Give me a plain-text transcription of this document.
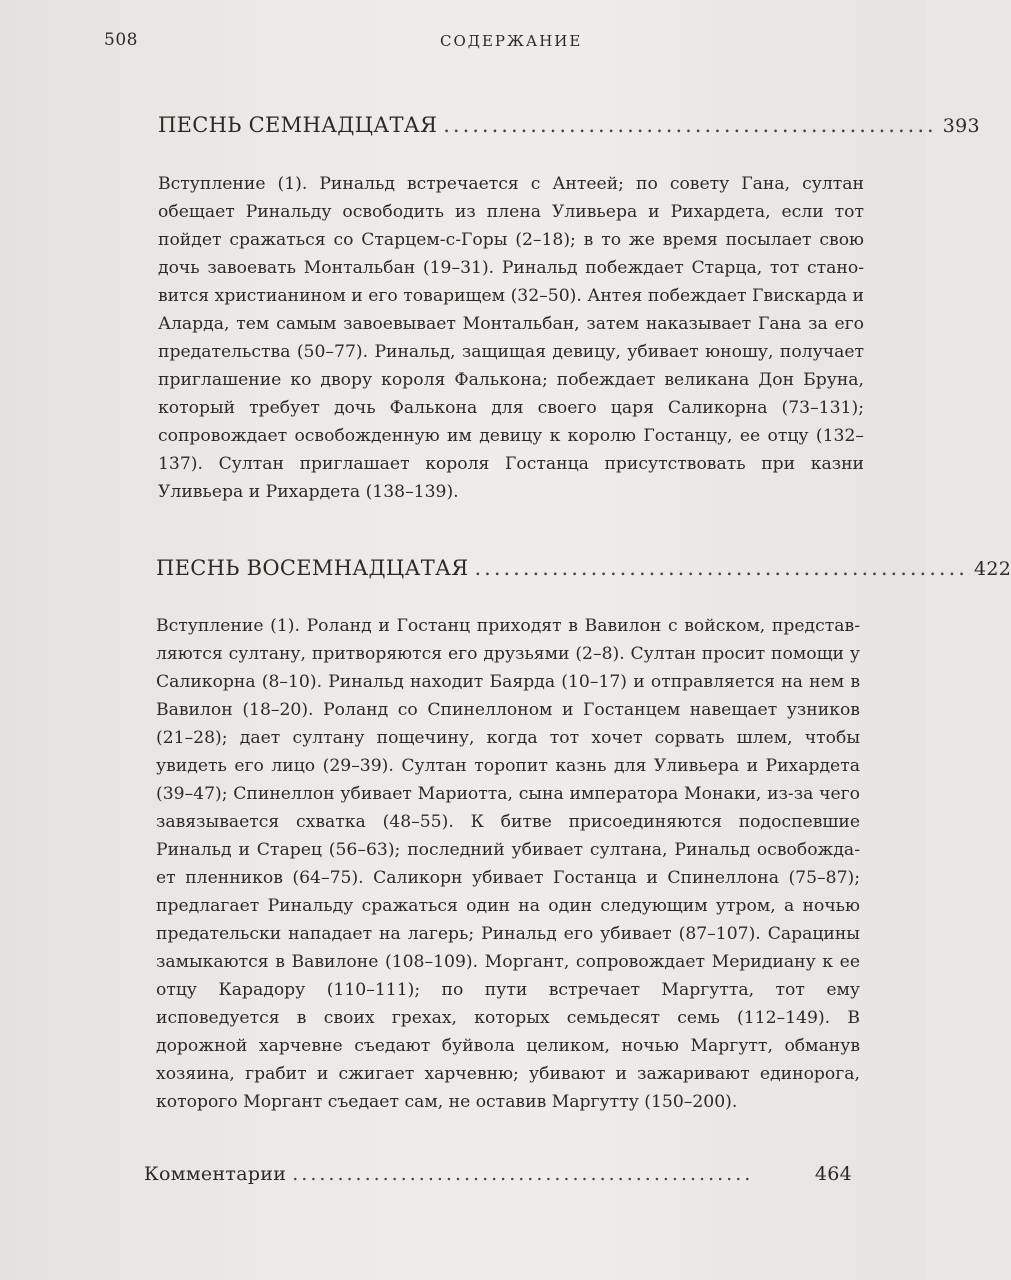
508	СОДЕРЖАНИЕ
ПЕСНЬ СЕМНАДЦАТАЯ ................................................... 393

Вступление (1). Ринальд встречается с Антеей; по совету Гана, султан обещает Ринальду освободить из плена Уливьера и Рихардета, если тот пойдет сражаться со Старцем-с-Горы (2–18); в то же время посылает свою дочь завоевать Монтальбан (19–31). Ринальд побеждает Старца, тот становится христианином и его товарищем (32–50). Антея побеждает Гвискарда и Аларда, тем самым завоевывает Монтальбан, затем наказывает Гана за его предательства (50–77). Ринальд, защищая девицу, убивает юношу, получает приглашение ко двору короля Фалькона; побеждает великана Дон Бруна, который требует дочь Фалькона для своего царя Саликорна (73–131); сопровождает освобожденную им девицу к королю Гостанцу, ее отцу (132–137). Султан приглашает короля Гостанца присутствовать при казни Уливьера и Рихардета (138–139).

ПЕСНЬ ВОСЕМНАДЦАТАЯ ................................................... 422

Вступление (1). Роланд и Гостанц приходят в Вавилон с войском, представляются султану, притворяются его друзьями (2–8). Султан просит помощи у Саликорна (8–10). Ринальд находит Баярда (10–17) и отправляется на нем в Вавилон (18–20). Роланд со Спинеллоном и Гостанцем навещает узников (21–28); дает султану пощечину, когда тот хочет сорвать шлем, чтобы увидеть его лицо (29–39). Султан торопит казнь для Уливьера и Рихардета (39–47); Спинеллон убивает Мариотта, сына императора Монаки, из-за чего завязывается схватка (48–55). К битве присоединяются подоспевшие Ринальд и Старец (56–63); последний убивает султана, Ринальд освобождает пленников (64–75). Саликорн убивает Гостанца и Спинеллона (75–87); предлагает Ринальду сражаться один на один следующим утром, а ночью предательски нападает на лагерь; Ринальд его убивает (87–107). Сарацины замыкаются в Вавилоне (108–109). Моргант, сопровождает Меридиану к ее отцу Карадору (110–111); по пути встречает Маргутта, тот ему исповедуется в своих грехах, которых семьдесят семь (112–149). В дорожной харчевне съедают буйвола целиком, ночью Маргутт, обманув хозяина, грабит и сжигает харчевню; убивают и зажаривают единорога, которого Моргант съедает сам, не оставив Маргутту (150–200).

Комментарии ...................................................	464
